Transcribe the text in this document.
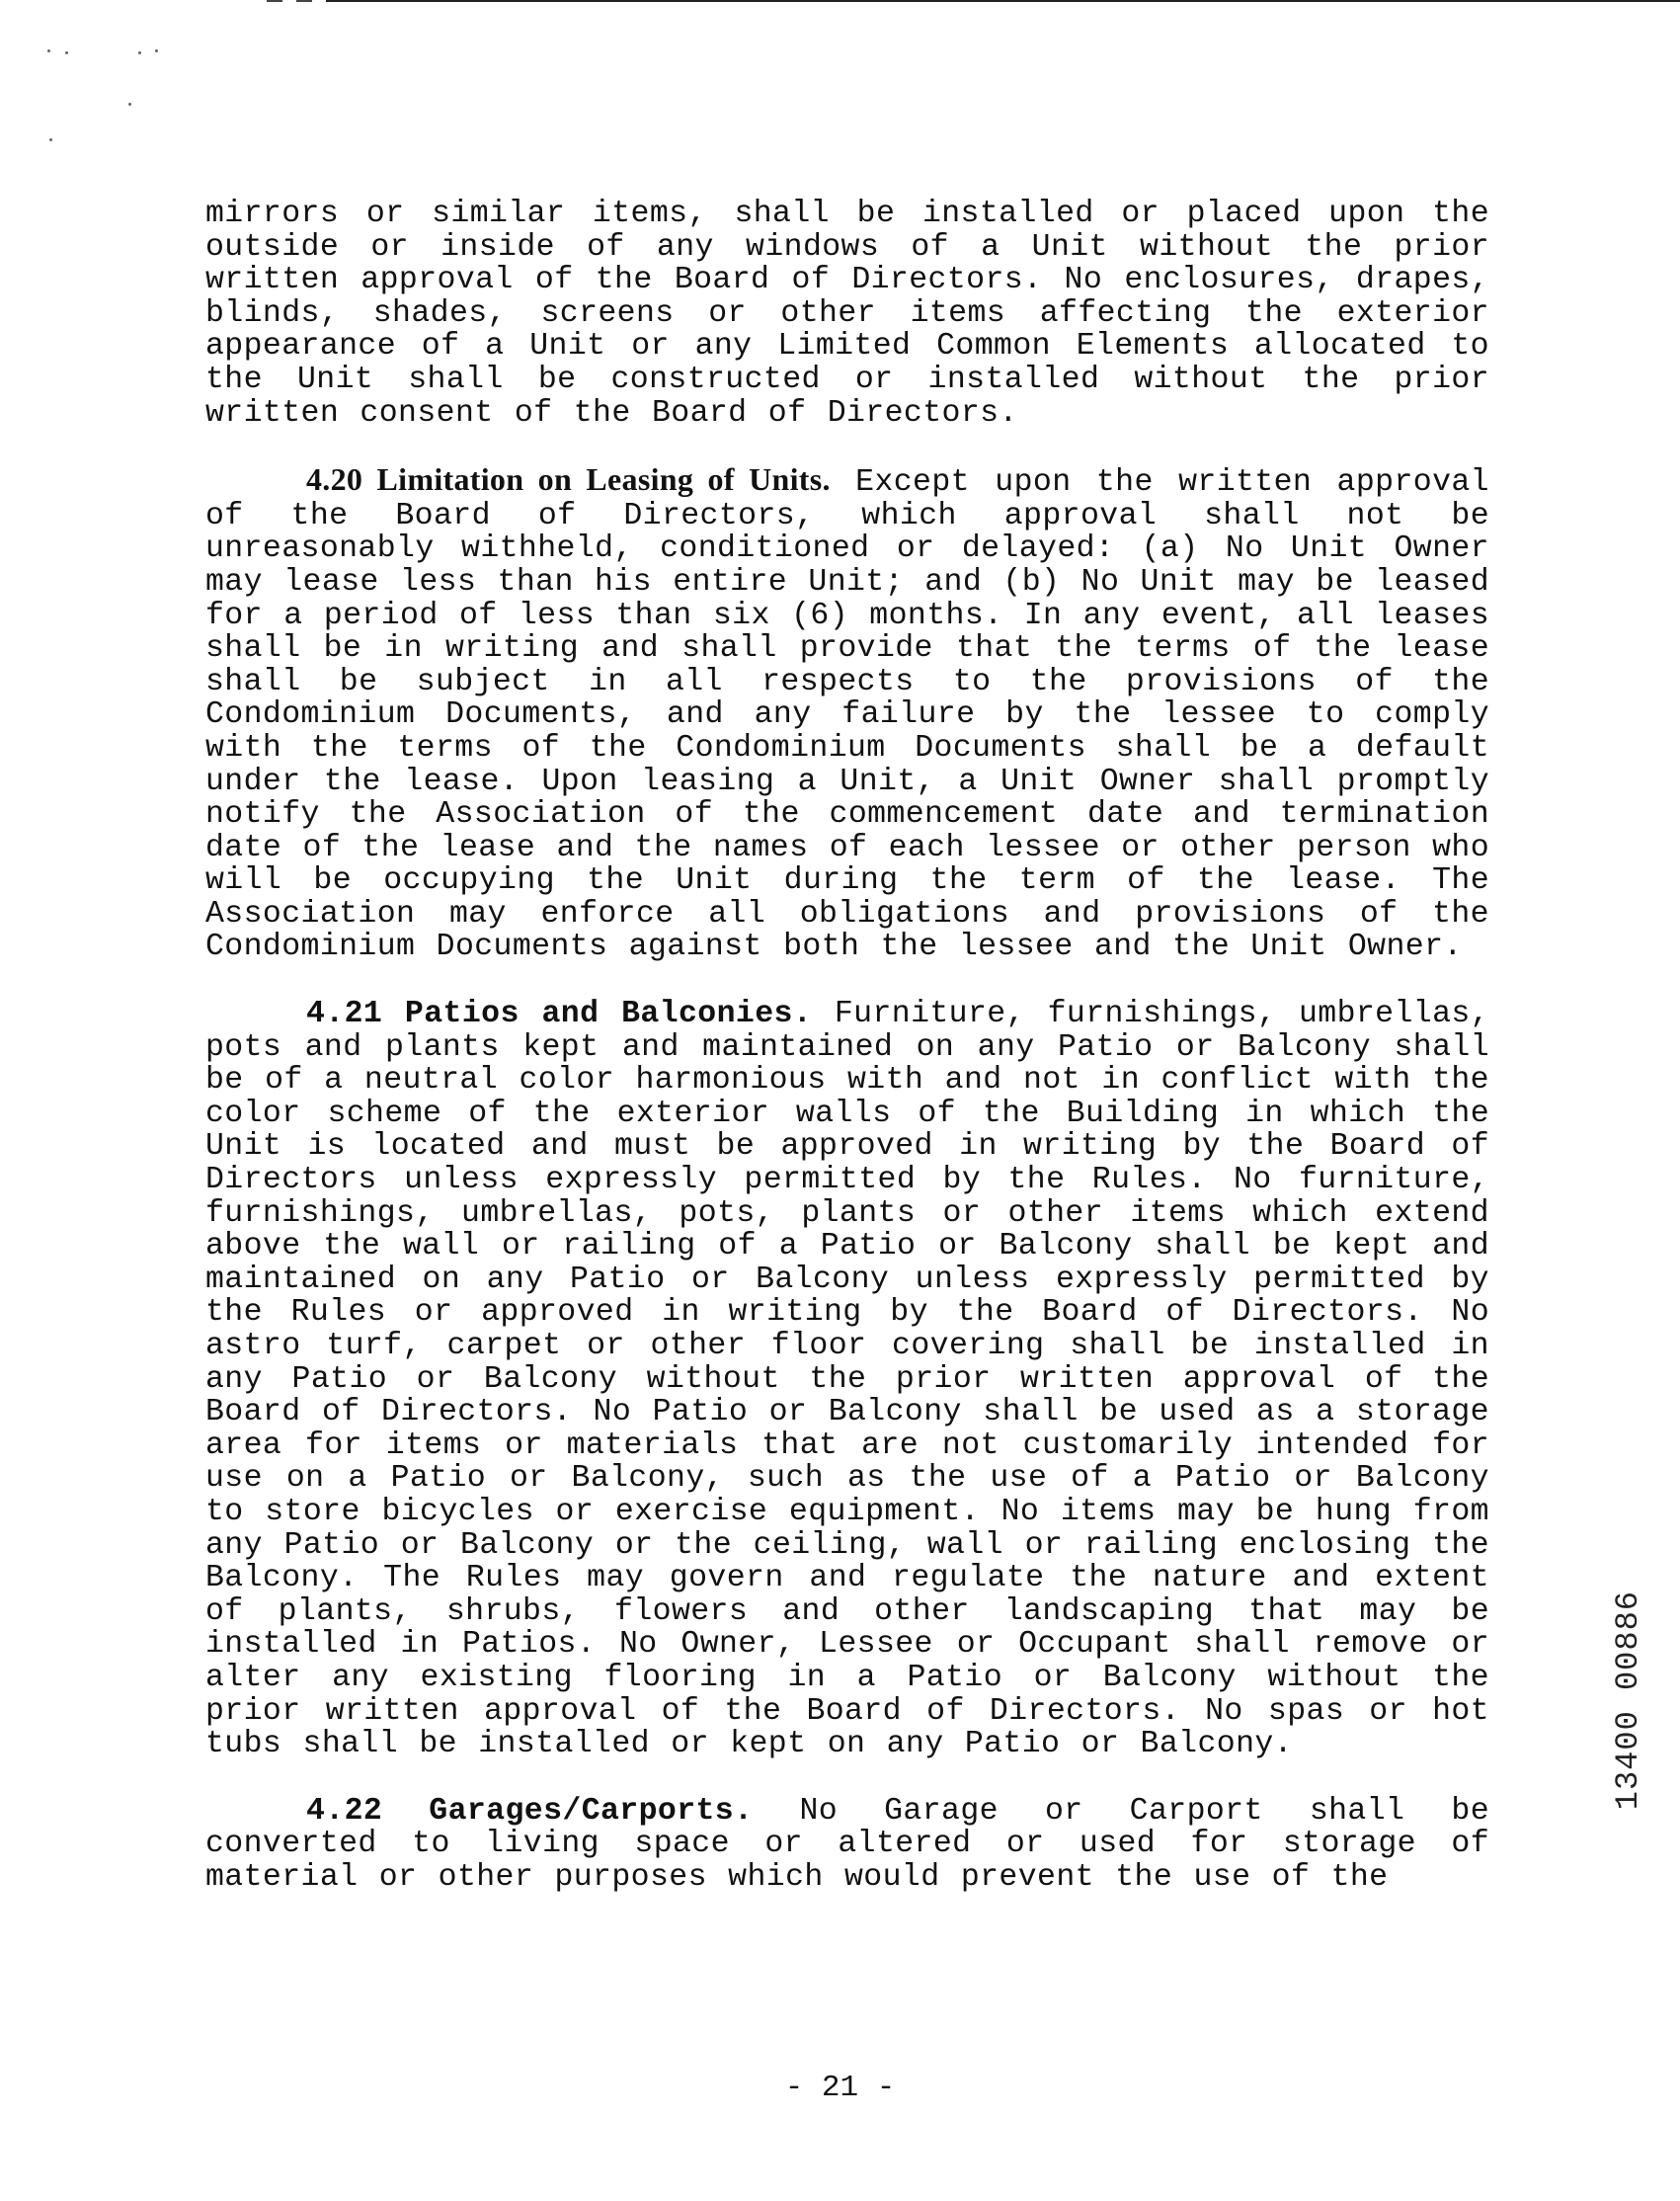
mirrors or similar items, shall be installed or placed upon the outside or inside of any windows of a Unit without the prior written approval of the Board of Directors. No enclosures, drapes, blinds, shades, screens or other items affecting the exterior appearance of a Unit or any Limited Common Elements allocated to the Unit shall be constructed or installed without the prior written consent of the Board of Directors.

4.20 Limitation on Leasing of Units. Except upon the written approval of the Board of Directors, which approval shall not be unreasonably withheld, conditioned or delayed: (a) No Unit Owner may lease less than his entire Unit; and (b) No Unit may be leased for a period of less than six (6) months. In any event, all leases shall be in writing and shall provide that the terms of the lease shall be subject in all respects to the provisions of the Condominium Documents, and any failure by the lessee to comply with the terms of the Condominium Documents shall be a default under the lease. Upon leasing a Unit, a Unit Owner shall promptly notify the Association of the commencement date and termination date of the lease and the names of each lessee or other person who will be occupying the Unit during the term of the lease. The Association may enforce all obligations and provisions of the Condominium Documents against both the lessee and the Unit Owner.

4.21 Patios and Balconies. Furniture, furnishings, umbrellas, pots and plants kept and maintained on any Patio or Balcony shall be of a neutral color harmonious with and not in conflict with the color scheme of the exterior walls of the Building in which the Unit is located and must be approved in writing by the Board of Directors unless expressly permitted by the Rules. No furniture, furnishings, umbrellas, pots, plants or other items which extend above the wall or railing of a Patio or Balcony shall be kept and maintained on any Patio or Balcony unless expressly permitted by the Rules or approved in writing by the Board of Directors. No astro turf, carpet or other floor covering shall be installed in any Patio or Balcony without the prior written approval of the Board of Directors. No Patio or Balcony shall be used as a storage area for items or materials that are not customarily intended for use on a Patio or Balcony, such as the use of a Patio or Balcony to store bicycles or exercise equipment. No items may be hung from any Patio or Balcony or the ceiling, wall or railing enclosing the Balcony. The Rules may govern and regulate the nature and extent of plants, shrubs, flowers and other landscaping that may be installed in Patios. No Owner, Lessee or Occupant shall remove or alter any existing flooring in a Patio or Balcony without the prior written approval of the Board of Directors. No spas or hot tubs shall be installed or kept on any Patio or Balcony.

4.22 Garages/Carports. No Garage or Carport shall be converted to living space or altered or used for storage of material or other purposes which would prevent the use of the

13400 00886
- 21 -
